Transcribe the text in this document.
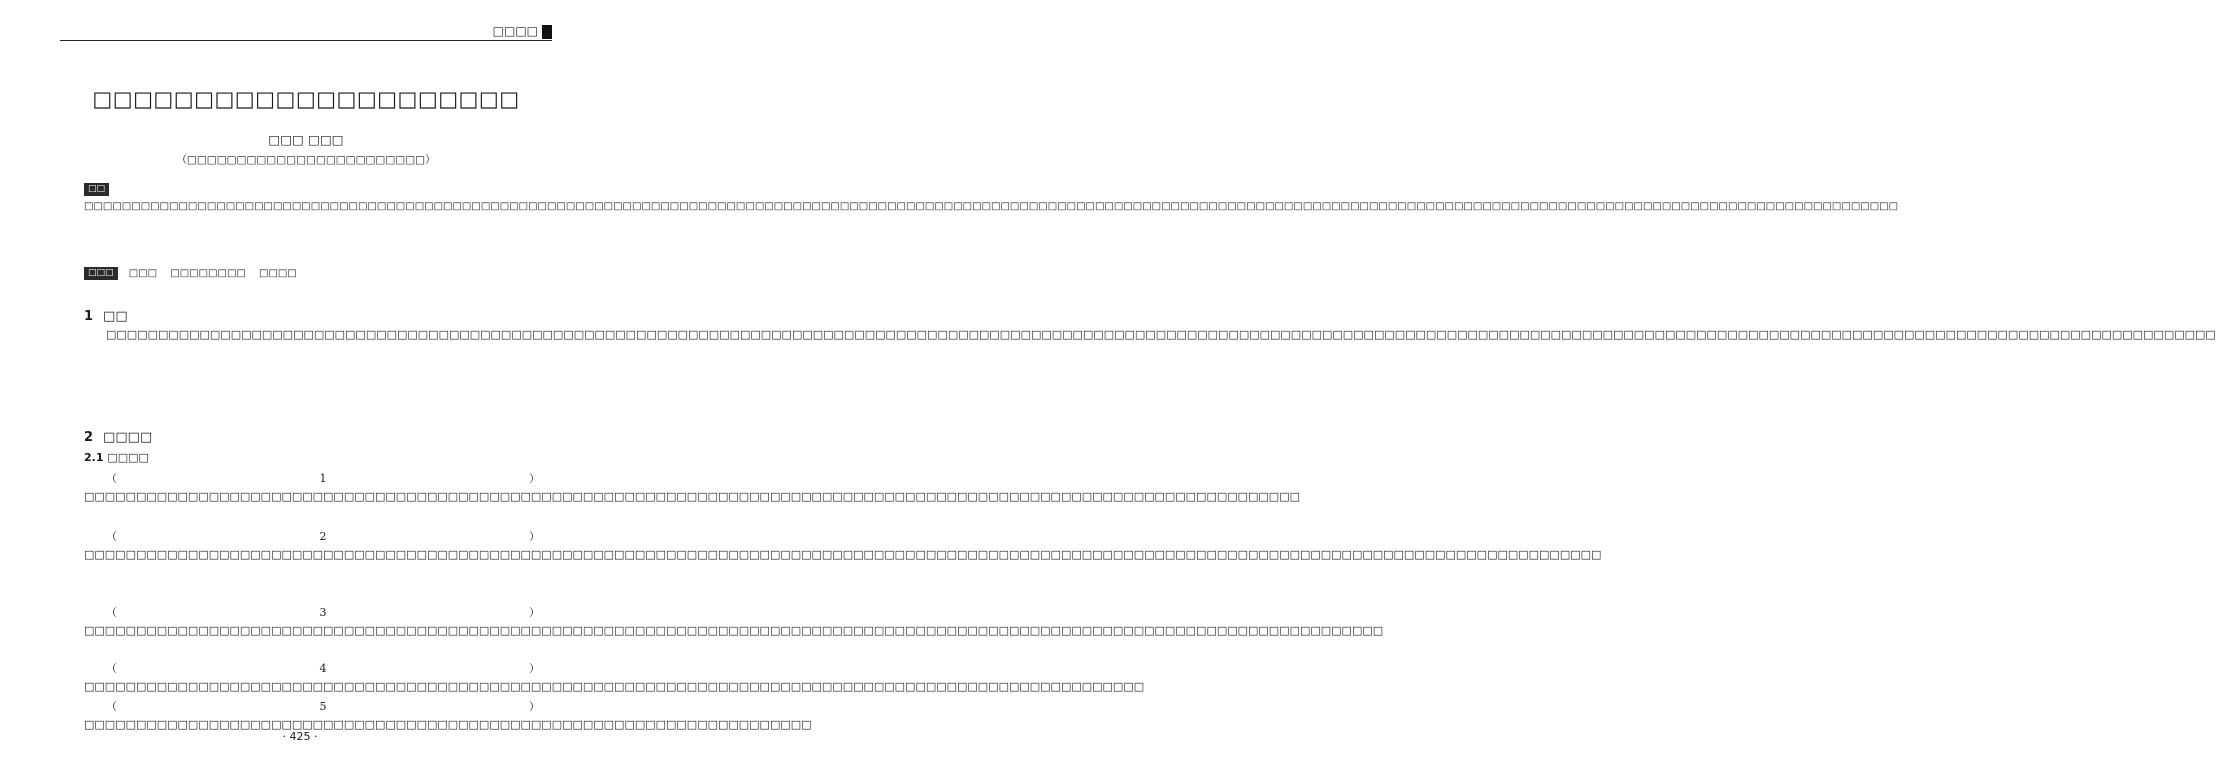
□□□□
□□□□□□□□□□□□□□□□□□□□□
□□□ □□□
（□□□□□□□□□□□□□□□□□□□□□□□□）
□□□□□□□□□□□□□□□□□□□□□□□□□□□□□□□□□□□□□□□□□□□□□□□□□□□□□□□□□□□□□□□□□□□□□□□□□□□□□□□□□□□□□□□□□□□□□□□□□□□□□□□□□□□□□□□□□□□□□□□□□□□□□□□□□□□□□□□□□□□□□□□□□□□□□□□□□□□□□□□□□□□□□□□□□□□□□□□□□□□□□□□□□□□□□□□□□□
□□□ □□□ □□□□□□□□ □□□□
1 □□

□□□□□□□□□□□□□□□□□□□□□□□□□□□□□□□□□□□□□□□□□□□□□□□□□□□□□□□□□□□□□□□□□□□□□□□□□□□□□□□□□□□□□□□□□□□□□□□□□□□□□□□□□□□□□□□□□□□□□□□□□□□□□□□□□□□□□□□□□□□□□□□□□□□□□□□□□□□□□□□□□□□□□□□□□□□□□□□□□□□□□□□□□□□□□□□□□□□□□□□□□□□

2 □□□□
2.1 □□□□

（1）□□□□□□□□□□□□□□□□□□□□□□□□□□□□□□□□□□□□□□□□□□□□□□□□□□□□□□□□□□□□□□□□□□□□□□□□□□□□□□□□□□□□□□□□□□□□□□□□□□□□□□□□□□□□□□□□□□□□□

（2）□□□□□□□□□□□□□□□□□□□□□□□□□□□□□□□□□□□□□□□□□□□□□□□□□□□□□□□□□□□□□□□□□□□□□□□□□□□□□□□□□□□□□□□□□□□□□□□□□□□□□□□□□□□□□□□□□□□□□□□□□□□□□□□□□□□□□□□□□□□□□□□□□□

（3）□□□□□□□□□□□□□□□□□□□□□□□□□□□□□□□□□□□□□□□□□□□□□□□□□□□□□□□□□□□□□□□□□□□□□□□□□□□□□□□□□□□□□□□□□□□□□□□□□□□□□□□□□□□□□□□□□□□□□□□□□□□□□

（4）□□□□□□□□□□□□□□□□□□□□□□□□□□□□□□□□□□□□□□□□□□□□□□□□□□□□□□□□□□□□□□□□□□□□□□□□□□□□□□□□□□□□□□□□□□□□□□□□□□□□□□

（5）□□□□□□□□□□□□□□□□□□□□□□□□□□□□□□□□□□□□□□□□□□□□□□□□□□□□□□□□□□□□□□□□□□□□□□

· 425 ·
